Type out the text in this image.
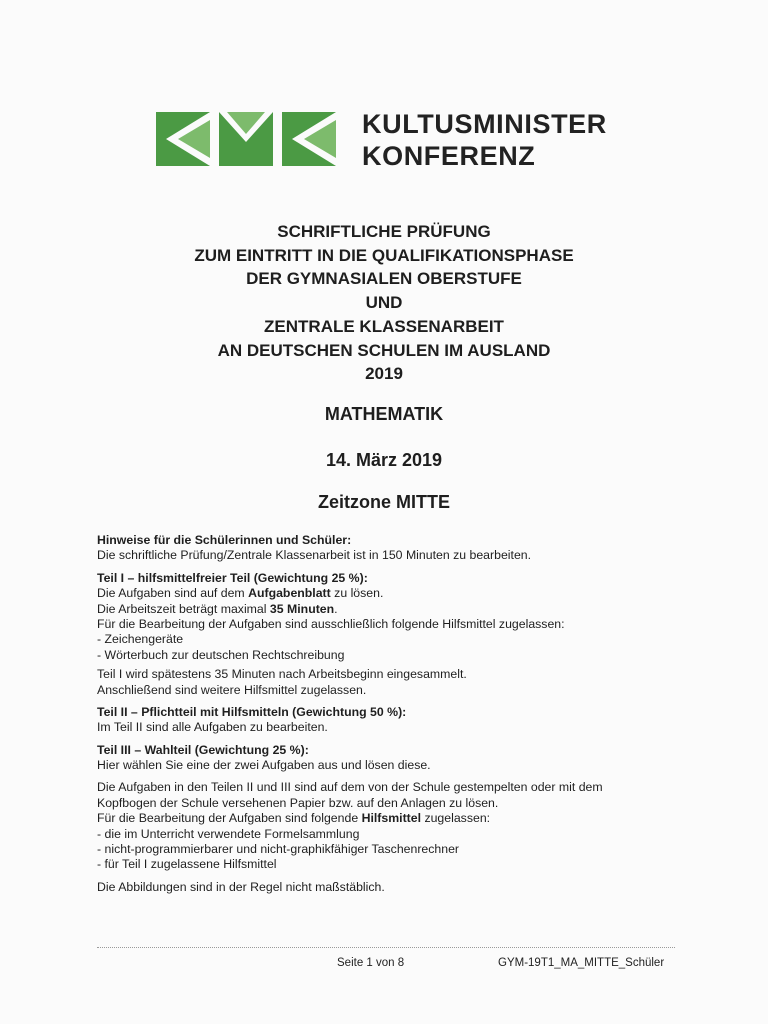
KULTUSMINISTER
KONFERENZ
SCHRIFTLICHE PRÜFUNG
ZUM EINTRITT IN DIE QUALIFIKATIONSPHASE
DER GYMNASIALEN OBERSTUFE
UND
ZENTRALE KLASSENARBEIT
AN DEUTSCHEN SCHULEN IM AUSLAND
2019
MATHEMATIK
14. März 2019
Zeitzone MITTE
Hinweise für die Schülerinnen und Schüler:
Die schriftliche Prüfung/Zentrale Klassenarbeit ist in 150 Minuten zu bearbeiten.
Teil I – hilfsmittelfreier Teil (Gewichtung 25 %):
Die Aufgaben sind auf dem Aufgabenblatt zu lösen.
Die Arbeitszeit beträgt maximal 35 Minuten.
Für die Bearbeitung der Aufgaben sind ausschließlich folgende Hilfsmittel zugelassen:
- Zeichengeräte
- Wörterbuch zur deutschen Rechtschreibung
Teil I wird spätestens 35 Minuten nach Arbeitsbeginn eingesammelt.
Anschließend sind weitere Hilfsmittel zugelassen.
Teil II – Pflichtteil mit Hilfsmitteln (Gewichtung 50 %):
Im Teil II sind alle Aufgaben zu bearbeiten.
Teil III – Wahlteil (Gewichtung 25 %):
Hier wählen Sie eine der zwei Aufgaben aus und lösen diese.
Die Aufgaben in den Teilen II und III sind auf dem von der Schule gestempelten oder mit dem
Kopfbogen der Schule versehenen Papier bzw. auf den Anlagen zu lösen.
Für die Bearbeitung der Aufgaben sind folgende Hilfsmittel zugelassen:
- die im Unterricht verwendete Formelsammlung
- nicht-programmierbarer und nicht-graphikfähiger Taschenrechner
- für Teil I zugelassene Hilfsmittel
Die Abbildungen sind in der Regel nicht maßstäblich.
Seite 1 von 8	GYM-19T1_MA_MITTE_Schüler
